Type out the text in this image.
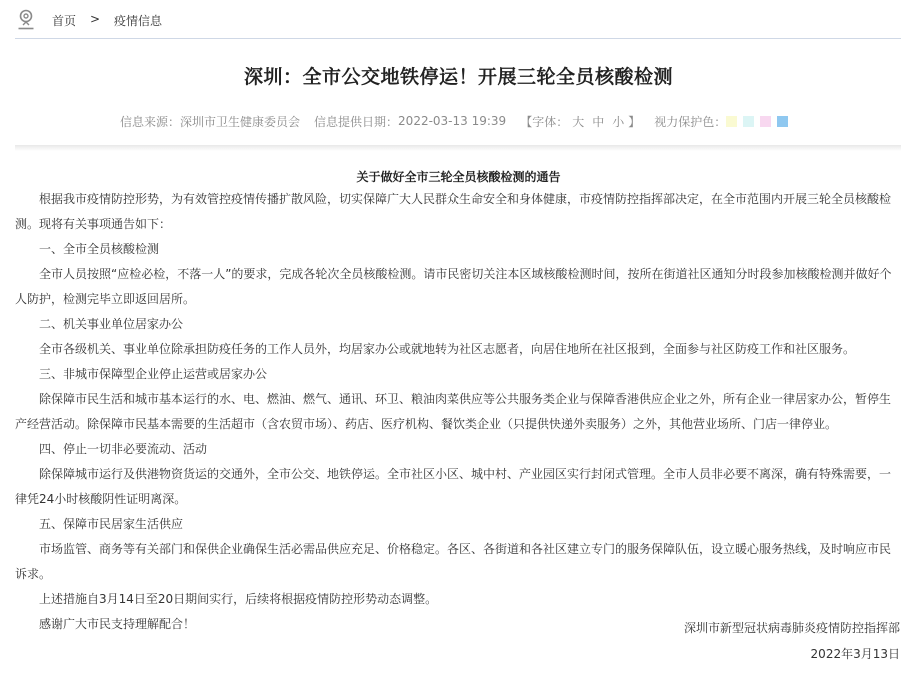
首页 > 疫情信息
深圳：全市公交地铁停运！开展三轮全员核酸检测
信息来源： 深圳市卫生健康委员会 信息提供日期： 2022-03-13 19:39 【字体： 大 中 小 】 视力保护色：
关于做好全市三轮全员核酸检测的通告

根据我市疫情防控形势，为有效管控疫情传播扩散风险，切实保障广大人民群众生命安全和身体健康，市疫情防控指挥部决定，在全市范围内开展三轮全员核酸检测。现将有关事项通告如下：

一、全市全员核酸检测

全市人员按照“应检必检，不落一人”的要求，完成各轮次全员核酸检测。请市民密切关注本区域核酸检测时间，按所在街道社区通知分时段参加核酸检测并做好个人防护，检测完毕立即返回居所。

二、机关事业单位居家办公

全市各级机关、事业单位除承担防疫任务的工作人员外，均居家办公或就地转为社区志愿者，向居住地所在社区报到，全面参与社区防疫工作和社区服务。

三、非城市保障型企业停止运营或居家办公

除保障市民生活和城市基本运行的水、电、燃油、燃气、通讯、环卫、粮油肉菜供应等公共服务类企业与保障香港供应企业之外，所有企业一律居家办公，暂停生产经营活动。除保障市民基本需要的生活超市（含农贸市场）、药店、医疗机构、餐饮类企业（只提供快递外卖服务）之外，其他营业场所、门店一律停业。

四、停止一切非必要流动、活动

除保障城市运行及供港物资货运的交通外，全市公交、地铁停运。全市社区小区、城中村、产业园区实行封闭式管理。全市人员非必要不离深，确有特殊需要，一律凭24小时核酸阴性证明离深。

五、保障市民居家生活供应

市场监管、商务等有关部门和保供企业确保生活必需品供应充足、价格稳定。各区、各街道和各社区建立专门的服务保障队伍，设立暖心服务热线，及时响应市民诉求。

上述措施自3月14日至20日期间实行，后续将根据疫情防控形势动态调整。

感谢广大市民支持理解配合！	深圳市新型冠状病毒肺炎疫情防控指挥部
2022年3月13日
